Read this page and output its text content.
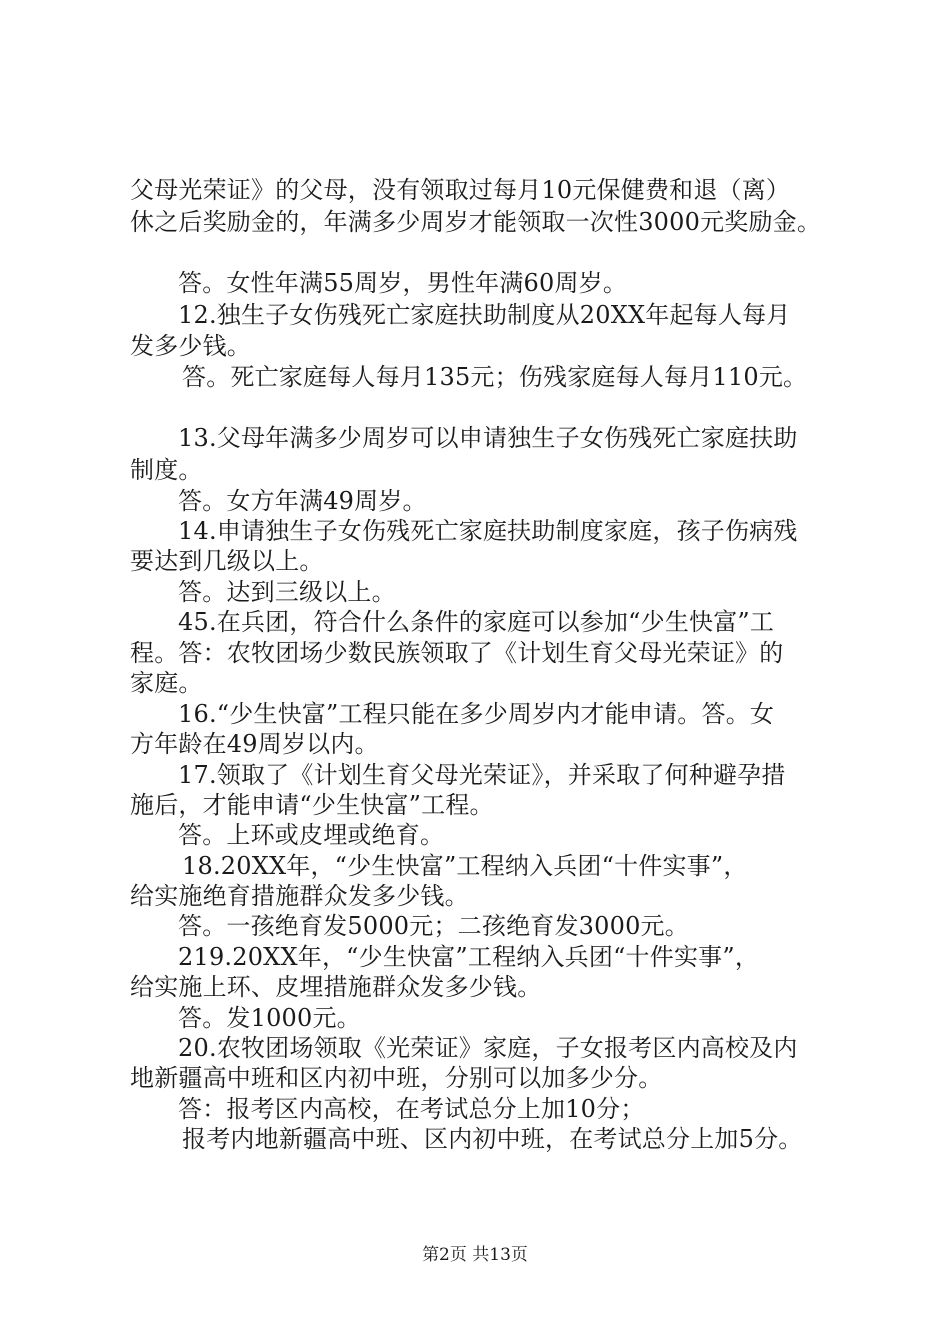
父母光荣证》的父母，没有领取过每月10元保健费和退（离）
休之后奖励金的，年满多少周岁才能领取一次性3000元奖励金。
答。女性年满55周岁，男性年满60周岁。
12.独生子女伤残死亡家庭扶助制度从20XX年起每人每月
发多少钱。
答。死亡家庭每人每月135元；伤残家庭每人每月110元。
13.父母年满多少周岁可以申请独生子女伤残死亡家庭扶助
制度。
答。女方年满49周岁。
14.申请独生子女伤残死亡家庭扶助制度家庭，孩子伤病残
要达到几级以上。
答。达到三级以上。
45.在兵团，符合什么条件的家庭可以参加“少生快富”工
程。答：农牧团场少数民族领取了《计划生育父母光荣证》的
家庭。
16.“少生快富”工程只能在多少周岁内才能申请。答。女
方年龄在49周岁以内。
17.领取了《计划生育父母光荣证》，并采取了何种避孕措
施后，才能申请“少生快富”工程。
答。上环或皮埋或绝育。
18.20XX年，“少生快富”工程纳入兵团“十件实事”，
给实施绝育措施群众发多少钱。
答。一孩绝育发5000元；二孩绝育发3000元。
219.20XX年，“少生快富”工程纳入兵团“十件实事”，
给实施上环、皮埋措施群众发多少钱。
答。发1000元。
20.农牧团场领取《光荣证》家庭，子女报考区内高校及内
地新疆高中班和区内初中班，分别可以加多少分。
答：报考区内高校，在考试总分上加10分；
报考内地新疆高中班、区内初中班，在考试总分上加5分。
第2页 共13页
